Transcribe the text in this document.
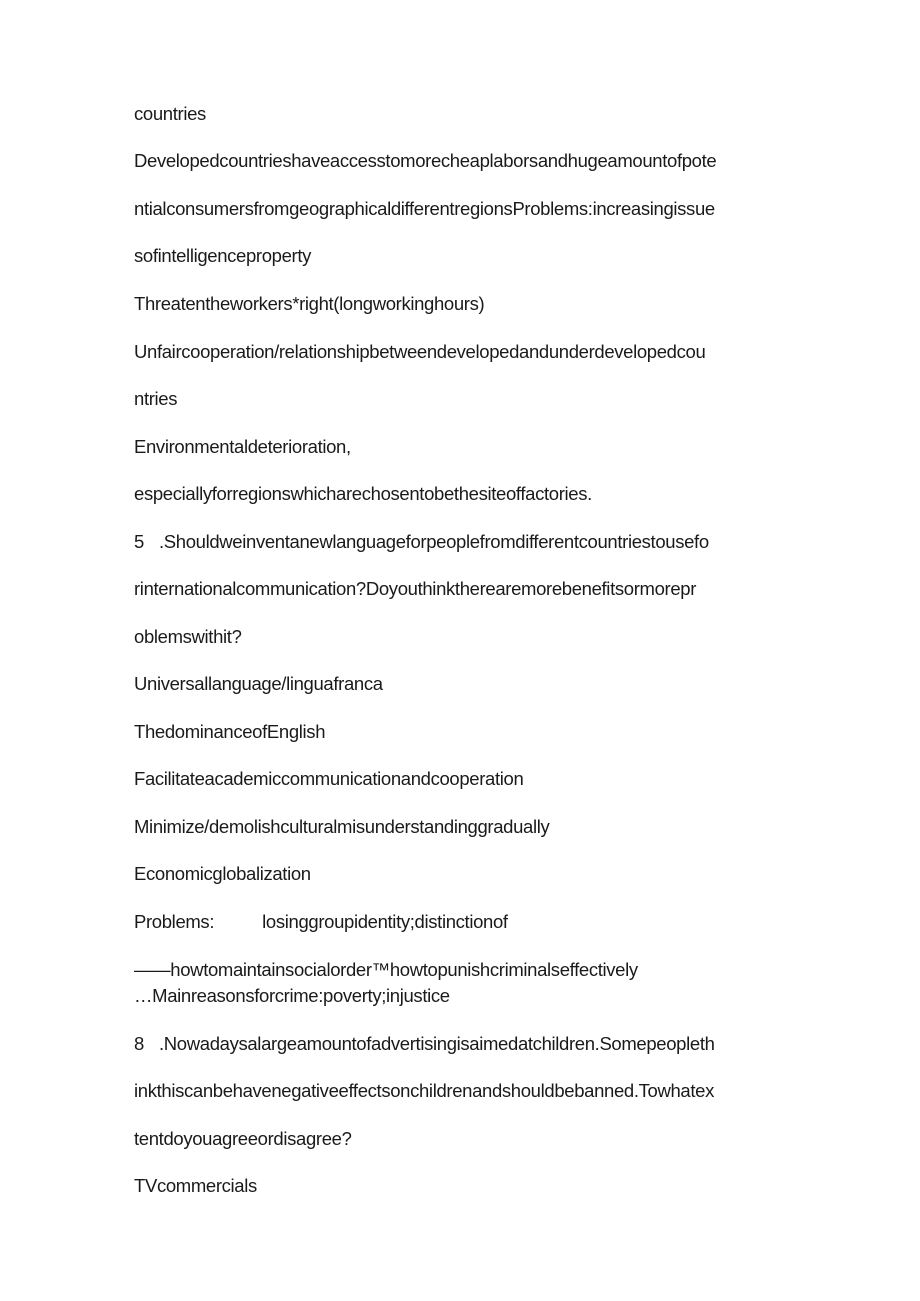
countries
Developedcountrieshaveaccesstomorecheaplaborsandhugeamountofpote
ntialconsumersfromgeographicaldifferentregionsProblems:increasingissue
sofintelligenceproperty
Threatentheworkers*right(longworkinghours)
Unfaircooperation/relationshipbetweendevelopedandunderdevelopedcou
ntries
Environmentaldeterioration,
especiallyforregionswhicharechosentobethesiteoffactories.
5 .Shouldweinventanewlanguageforpeoplefromdifferentcountriestousefo
rinternationalcommunication?Doyouthinktherearemorebenefitsormorepr
oblemswithit?
Universallanguage/linguafranca
ThedominanceofEnglish
Facilitateacademiccommunicationandcooperation
Minimize/demolishculturalmisunderstandinggradually
Economicglobalization
Problems:	losinggroupidentity;distinctionof
——howtomaintainsocialorder™howtopunishcriminalseffectively
…Mainreasonsforcrime:poverty;injustice
8 .Nowadaysalargeamountofadvertisingisaimedatchildren.Somepeopleth
inkthiscanbehavenegativeeffectsonchildrenandshouldbebanned.Towhatex
tentdoyouagreeordisagree?
TVcommercials
